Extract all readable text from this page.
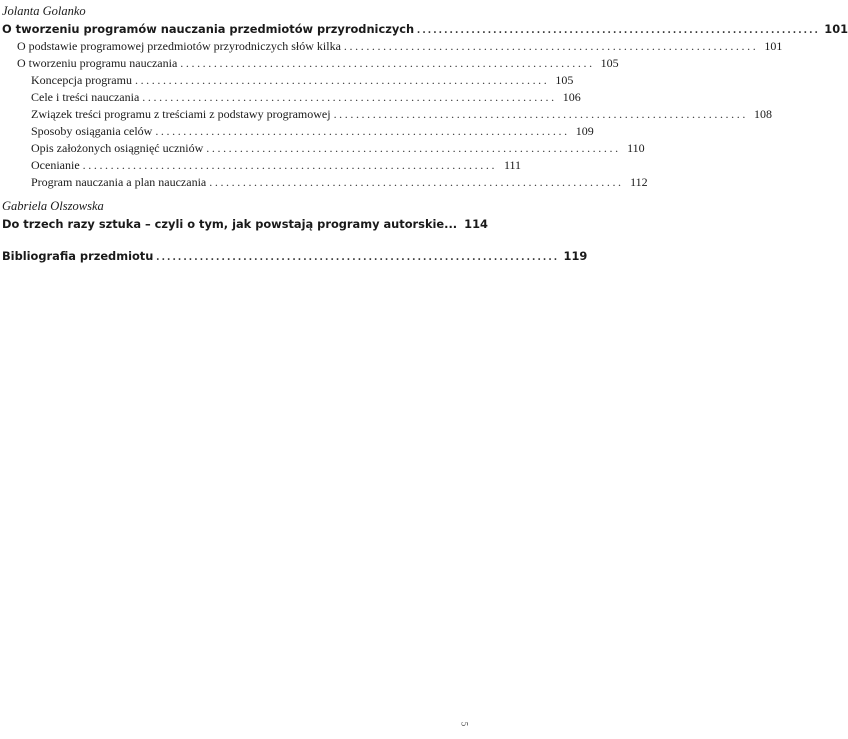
Jolanta Golanko
O tworzeniu programów nauczania przedmiotów przyrodniczych .......................................................................... 101
O podstawie programowej przedmiotów przyrodniczych słów kilka .......................................................................... 101
O tworzeniu programu nauczania .......................................................................... 105
Koncepcja programu .......................................................................... 105
Cele i treści nauczania .......................................................................... 106
Związek treści programu z treściami z podstawy programowej .......................................................................... 108
Sposoby osiągania celów .......................................................................... 109
Opis założonych osiągnięć uczniów .......................................................................... 110
Ocenianie .......................................................................... 111
Program nauczania a plan nauczania .......................................................................... 112
Gabriela Olszowska
Do trzech razy sztuka – czyli o tym, jak powstają programy autorskie... 114
Bibliografia przedmiotu .......................................................................... 119
5
